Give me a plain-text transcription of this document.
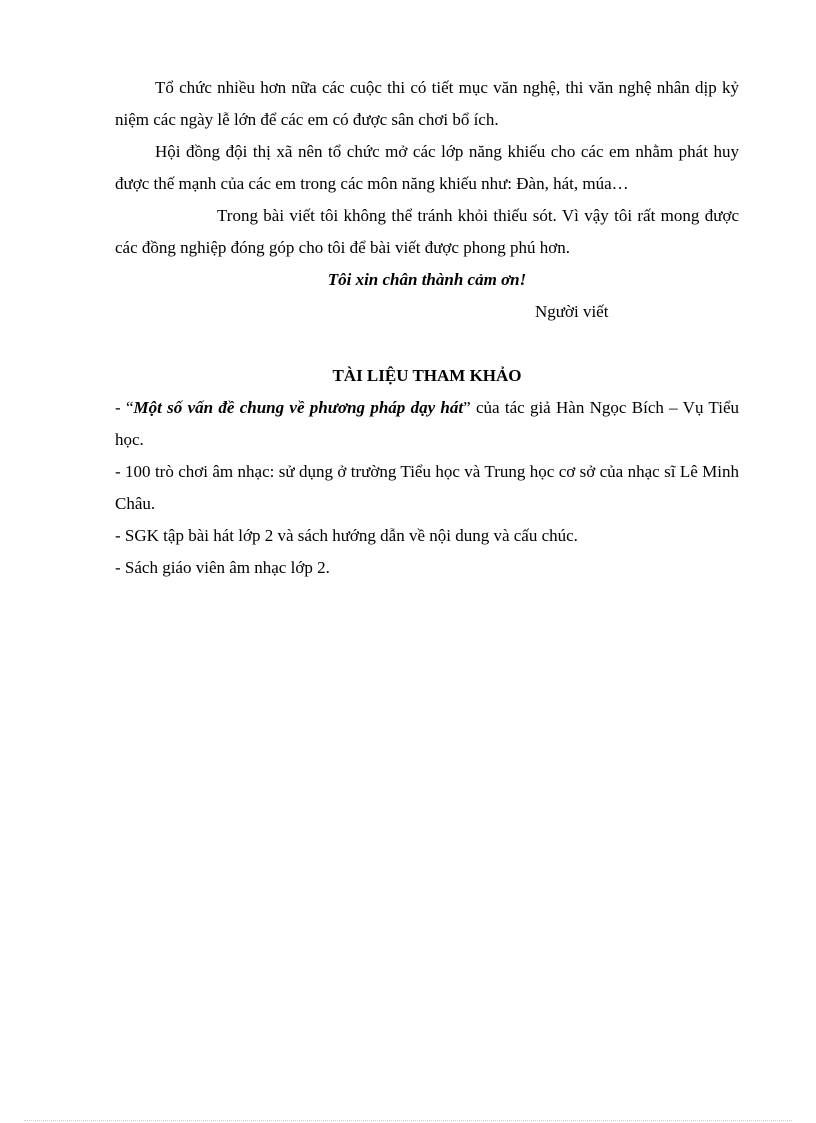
Tổ chức nhiều hơn nữa các cuộc thi có tiết mục văn nghệ, thi văn nghệ nhân dịp kỷ niệm các ngày lễ lớn để các em có được sân chơi bổ ích.

Hội đồng đội thị xã nên tổ chức mở các lớp năng khiếu cho các em nhằm phát huy được thế mạnh của các em trong các môn năng khiếu như: Đàn, hát, múa…

Trong bài viết tôi không thể tránh khỏi thiếu sót. Vì vậy tôi rất mong được các đồng nghiệp đóng góp cho tôi để bài viết được phong phú hơn.

Tôi xin chân thành cảm ơn!

Người viết

TÀI LIỆU THAM KHẢO

- “Một số vấn đề chung về phương pháp dạy hát” của tác giả Hàn Ngọc Bích – Vụ Tiểu học.

- 100 trò chơi âm nhạc: sử dụng ở trường Tiểu học và Trung học cơ sở của nhạc sĩ Lê Minh Châu.

- SGK tập bài hát lớp 2 và sách hướng dẫn về nội dung và cấu chúc.

- Sách giáo viên âm nhạc lớp 2.
